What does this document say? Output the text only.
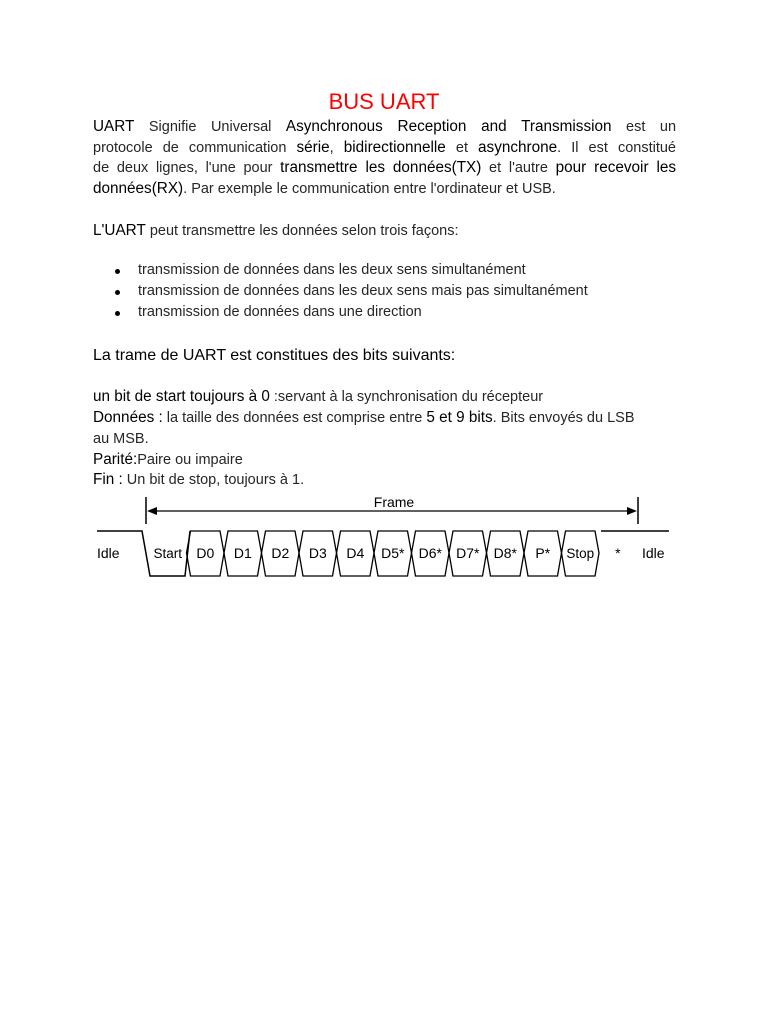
BUS UART
UART Signifie Universal Asynchronous Reception and Transmission est un
protocole de communication série, bidirectionnelle et asynchrone. Il est constitué
de deux lignes, l'une pour transmettre les données(TX) et l'autre pour recevoir les
données(RX). Par exemple le communication entre l'ordinateur et USB.
L'UART peut transmettre les données selon trois façons:
transmission de données dans les deux sens simultanément
transmission de données dans les deux sens mais pas simultanément
transmission de données dans une direction
La trame de UART est constitues des bits suivants:
un bit de start toujours à 0 :servant à la synchronisation du récepteur
Données : la taille des données est comprise entre 5 et 9 bits. Bits envoyés du LSB
au MSB.
Parité:Paire ou impaire
Fin : Un bit de stop, toujours à 1.
Frame
Idle	Idle
Start D0 D1 D2 D3 D4 D5* D6* D7* D8* P* Stop *
